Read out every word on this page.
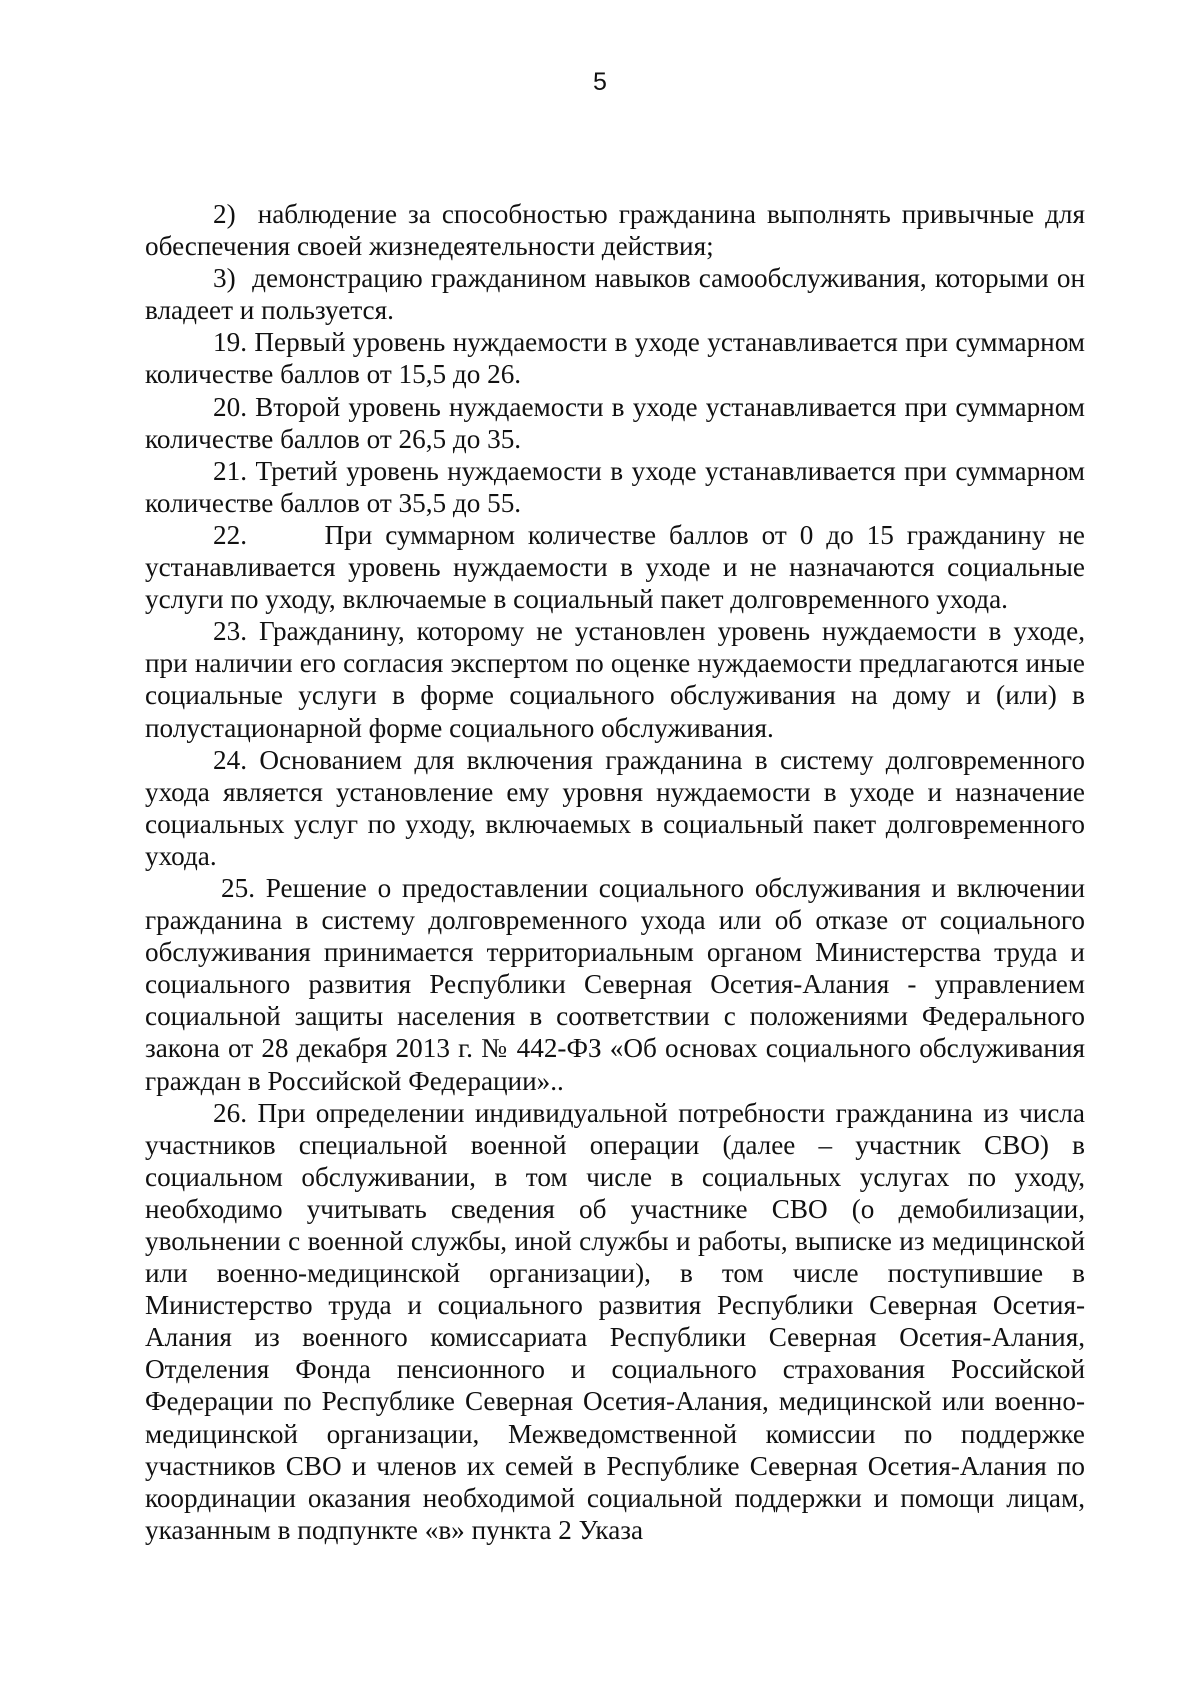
5

2) наблюдение за способностью гражданина выполнять привычные для обеспечения своей жизнедеятельности действия;

3) демонстрацию гражданином навыков самообслуживания, которыми он владеет и пользуется.

19. Первый уровень нуждаемости в уходе устанавливается при суммарном количестве баллов от 15,5 до 26.

20. Второй уровень нуждаемости в уходе устанавливается при суммарном количестве баллов от 26,5 до 35.

21. Третий уровень нуждаемости в уходе устанавливается при суммарном количестве баллов от 35,5 до 55.

22.	При суммарном количестве баллов от 0 до 15 гражданину не устанавливается уровень нуждаемости в уходе и не назначаются социальные услуги по уходу, включаемые в социальный пакет долговременного ухода.

23. Гражданину, которому не установлен уровень нуждаемости в уходе, при наличии его согласия экспертом по оценке нуждаемости предлагаются иные социальные услуги в форме социального обслуживания на дому и (или) в полустационарной форме социального обслуживания.

24. Основанием для включения гражданина в систему долговременного ухода является установление ему уровня нуждаемости в уходе и назначение социальных услуг по уходу, включаемых в социальный пакет долговременного ухода.

25. Решение о предоставлении социального обслуживания и включении гражданина в систему долговременного ухода или об отказе от социального обслуживания принимается территориальным органом Министерства труда и социального развития Республики Северная Осетия-Алания - управлением социальной защиты населения в соответствии с положениями Федерального закона от 28 декабря 2013 г. № 442-ФЗ «Об основах социального обслуживания граждан в Российской Федерации»..

26. При определении индивидуальной потребности гражданина из числа участников специальной военной операции (далее – участник СВО) в социальном обслуживании, в том числе в социальных услугах по уходу, необходимо учитывать сведения об участнике СВО (о демобилизации, увольнении с военной службы, иной службы и работы, выписке из медицинской или военно-медицинской организации), в том числе поступившие в Министерство труда и социального развития Республики Северная Осетия-Алания из военного комиссариата Республики Северная Осетия-Алания, Отделения Фонда пенсионного и социального страхования Российской Федерации по Республике Северная Осетия-Алания, медицинской или военно-медицинской организации, Межведомственной комиссии по поддержке участников СВО и членов их семей в Республике Северная Осетия-Алания по координации оказания необходимой социальной поддержки и помощи лицам, указанным в подпункте «в» пункта 2 Указа
